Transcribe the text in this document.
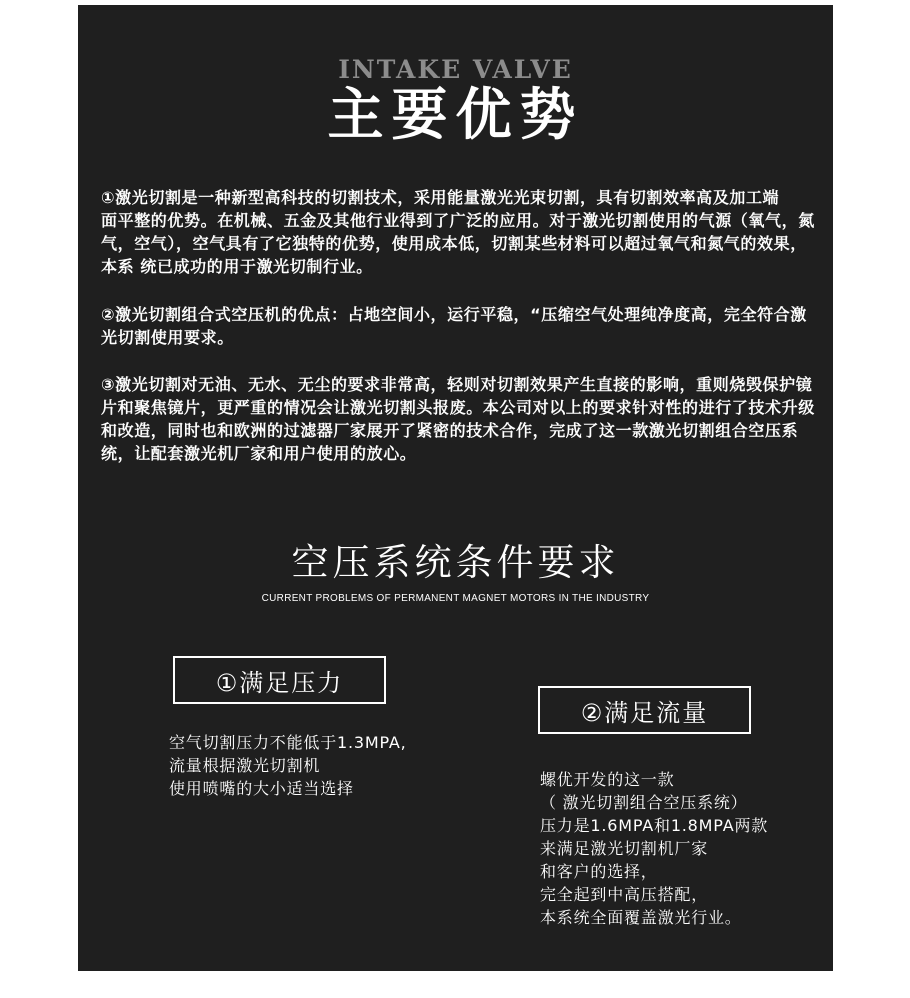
INTAKE VALVE
主要优势
①激光切割是一种新型高科技的切割技术，采用能量激光光束切割，具有切割效率高及加工端　　面平整的优势。在机械、五金及其他行业得到了广泛的应用。对于激光切割使用的气源（氧气，氮气，空气），空气具有了它独特的优势，使用成本低，切割某些材料可以超过氧气和氮气的效果，本系 统已成功的用于激光切制行业。
②激光切割组合式空压机的优点：占地空间小，运行平稳，“压缩空气处理纯净度高，完全符合激光切割使用要求。
③激光切割对无油、无水、无尘的要求非常高，轻则对切割效果产生直接的影响，重则烧毁保护镜片和聚焦镜片，更严重的情况会让激光切割头报废。本公司对以上的要求针对性的进行了技术升级和改造，同时也和欧洲的过滤器厂家展开了紧密的技术合作，完成了这一款激光切割组合空压系统，让配套激光机厂家和用户使用的放心。
空压系统条件要求
CURRENT PROBLEMS OF PERMANENT MAGNET MOTORS IN THE INDUSTRY
①满足压力
空气切割压力不能低于1.3MPA,
流量根据激光切割机
使用喷嘴的大小适当选择
②满足流量
螺优开发的这一款
（ 激光切割组合空压系统）
压力是1.6MPA和1.8MPA两款
来满足激光切割机厂家
和客户的选择，
完全起到中高压搭配，
本系统全面覆盖激光行业。
